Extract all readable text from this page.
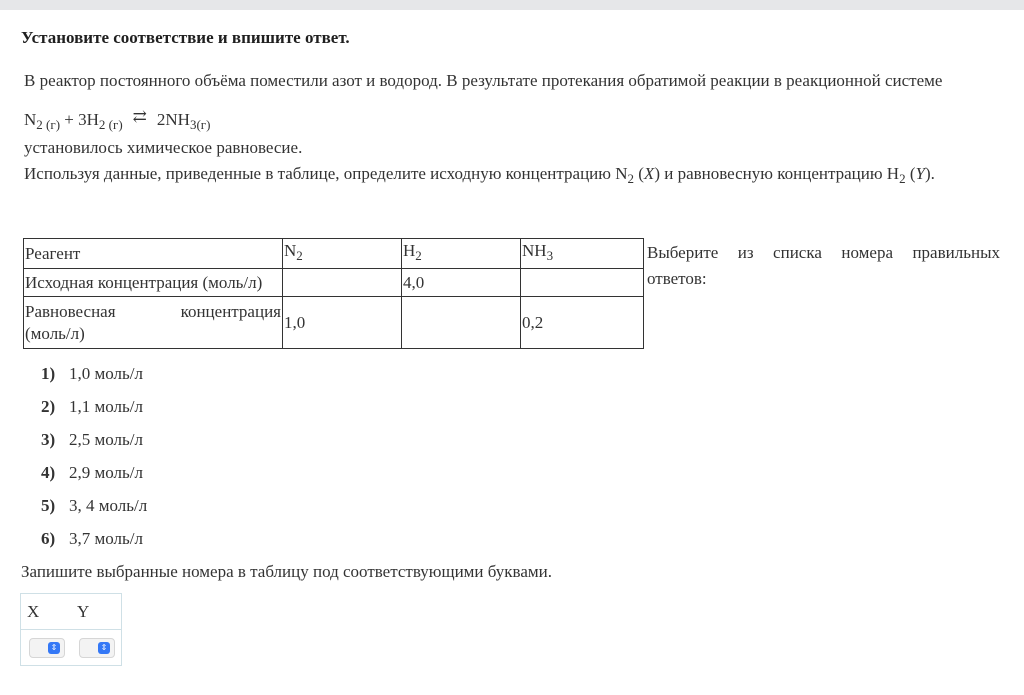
Установите соответствие и впишите ответ.
В реактор постоянного объёма поместили азот и водород. В результате протекания обратимой реакции в реакционной системе
$N_2$ $_{(г)} + 3H_2$ $_{(г)}$ ⇄ $2NH_{3(г)}$
установилось химическое равновесие.
Используя данные, приведенные в таблице, определите исходную концентрацию $N_2$ (X) и равновесную концентрацию $H_2$ (Y).
Реагент	$N_2$	$H_2$	$NH_3$
Исходная концентрация (моль/л)		4,0	

Равновесная концентрация
(моль/л)	1,0		0,2
Выберите из списка номера правильных ответов:
1) 1,0 моль/л
2) 1,1 моль/л
3) 2,5 моль/л
4) 2,9 моль/л
5) 3, 4 моль/л
6) 3,7 моль/л
Запишите выбранные номера в таблицу под соответствующими буквами.
X Y
⇕	⇕
